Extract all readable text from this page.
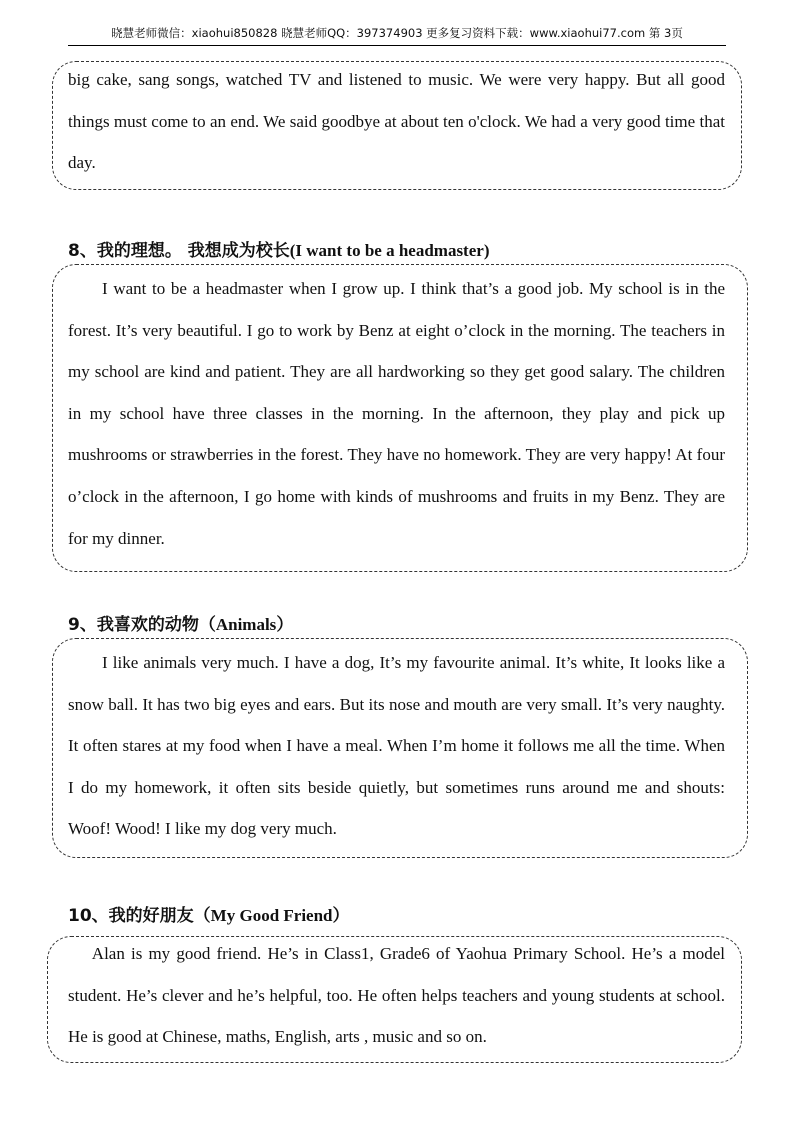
晓慧老师微信：xiaohui850828 晓慧老师QQ：397374903 更多复习资料下载：www.xiaohui77.com 第 3页

big cake, sang songs, watched TV and listened to music. We were very happy. But all good things must come to an end. We said goodbye at about ten o'clock. We had a very good time that day.

8、我的理想。 我想成为校长(I want to be a headmaster)

I want to be a headmaster when I grow up. I think that’s a good job. My school is in the forest. It’s very beautiful. I go to work by Benz at eight o’clock in the morning. The teachers in my school are kind and patient. They are all hardworking so they get good salary. The children in my school have three classes in the morning. In the afternoon, they play and pick up mushrooms or strawberries in the forest. They have no homework. They are very happy! At four o’clock in the afternoon, I go home with kinds of mushrooms and fruits in my Benz. They are for my dinner.

9、我喜欢的动物（Animals）

I like animals very much. I have a dog, It’s my favourite animal. It’s white, It looks like a snow ball. It has two big eyes and ears. But its nose and mouth are very small. It’s very naughty. It often stares at my food when I have a meal. When I’m home it follows me all the time. When I do my homework, it often sits beside quietly, but sometimes runs around me and shouts: Woof! Wood! I like my dog very much.

10、我的好朋友（My Good Friend）

Alan is my good friend. He’s in Class1, Grade6 of Yaohua Primary School. He’s a model student. He’s clever and he’s helpful, too. He often helps teachers and young students at school. He is good at Chinese, maths, English, arts , music and so on.
